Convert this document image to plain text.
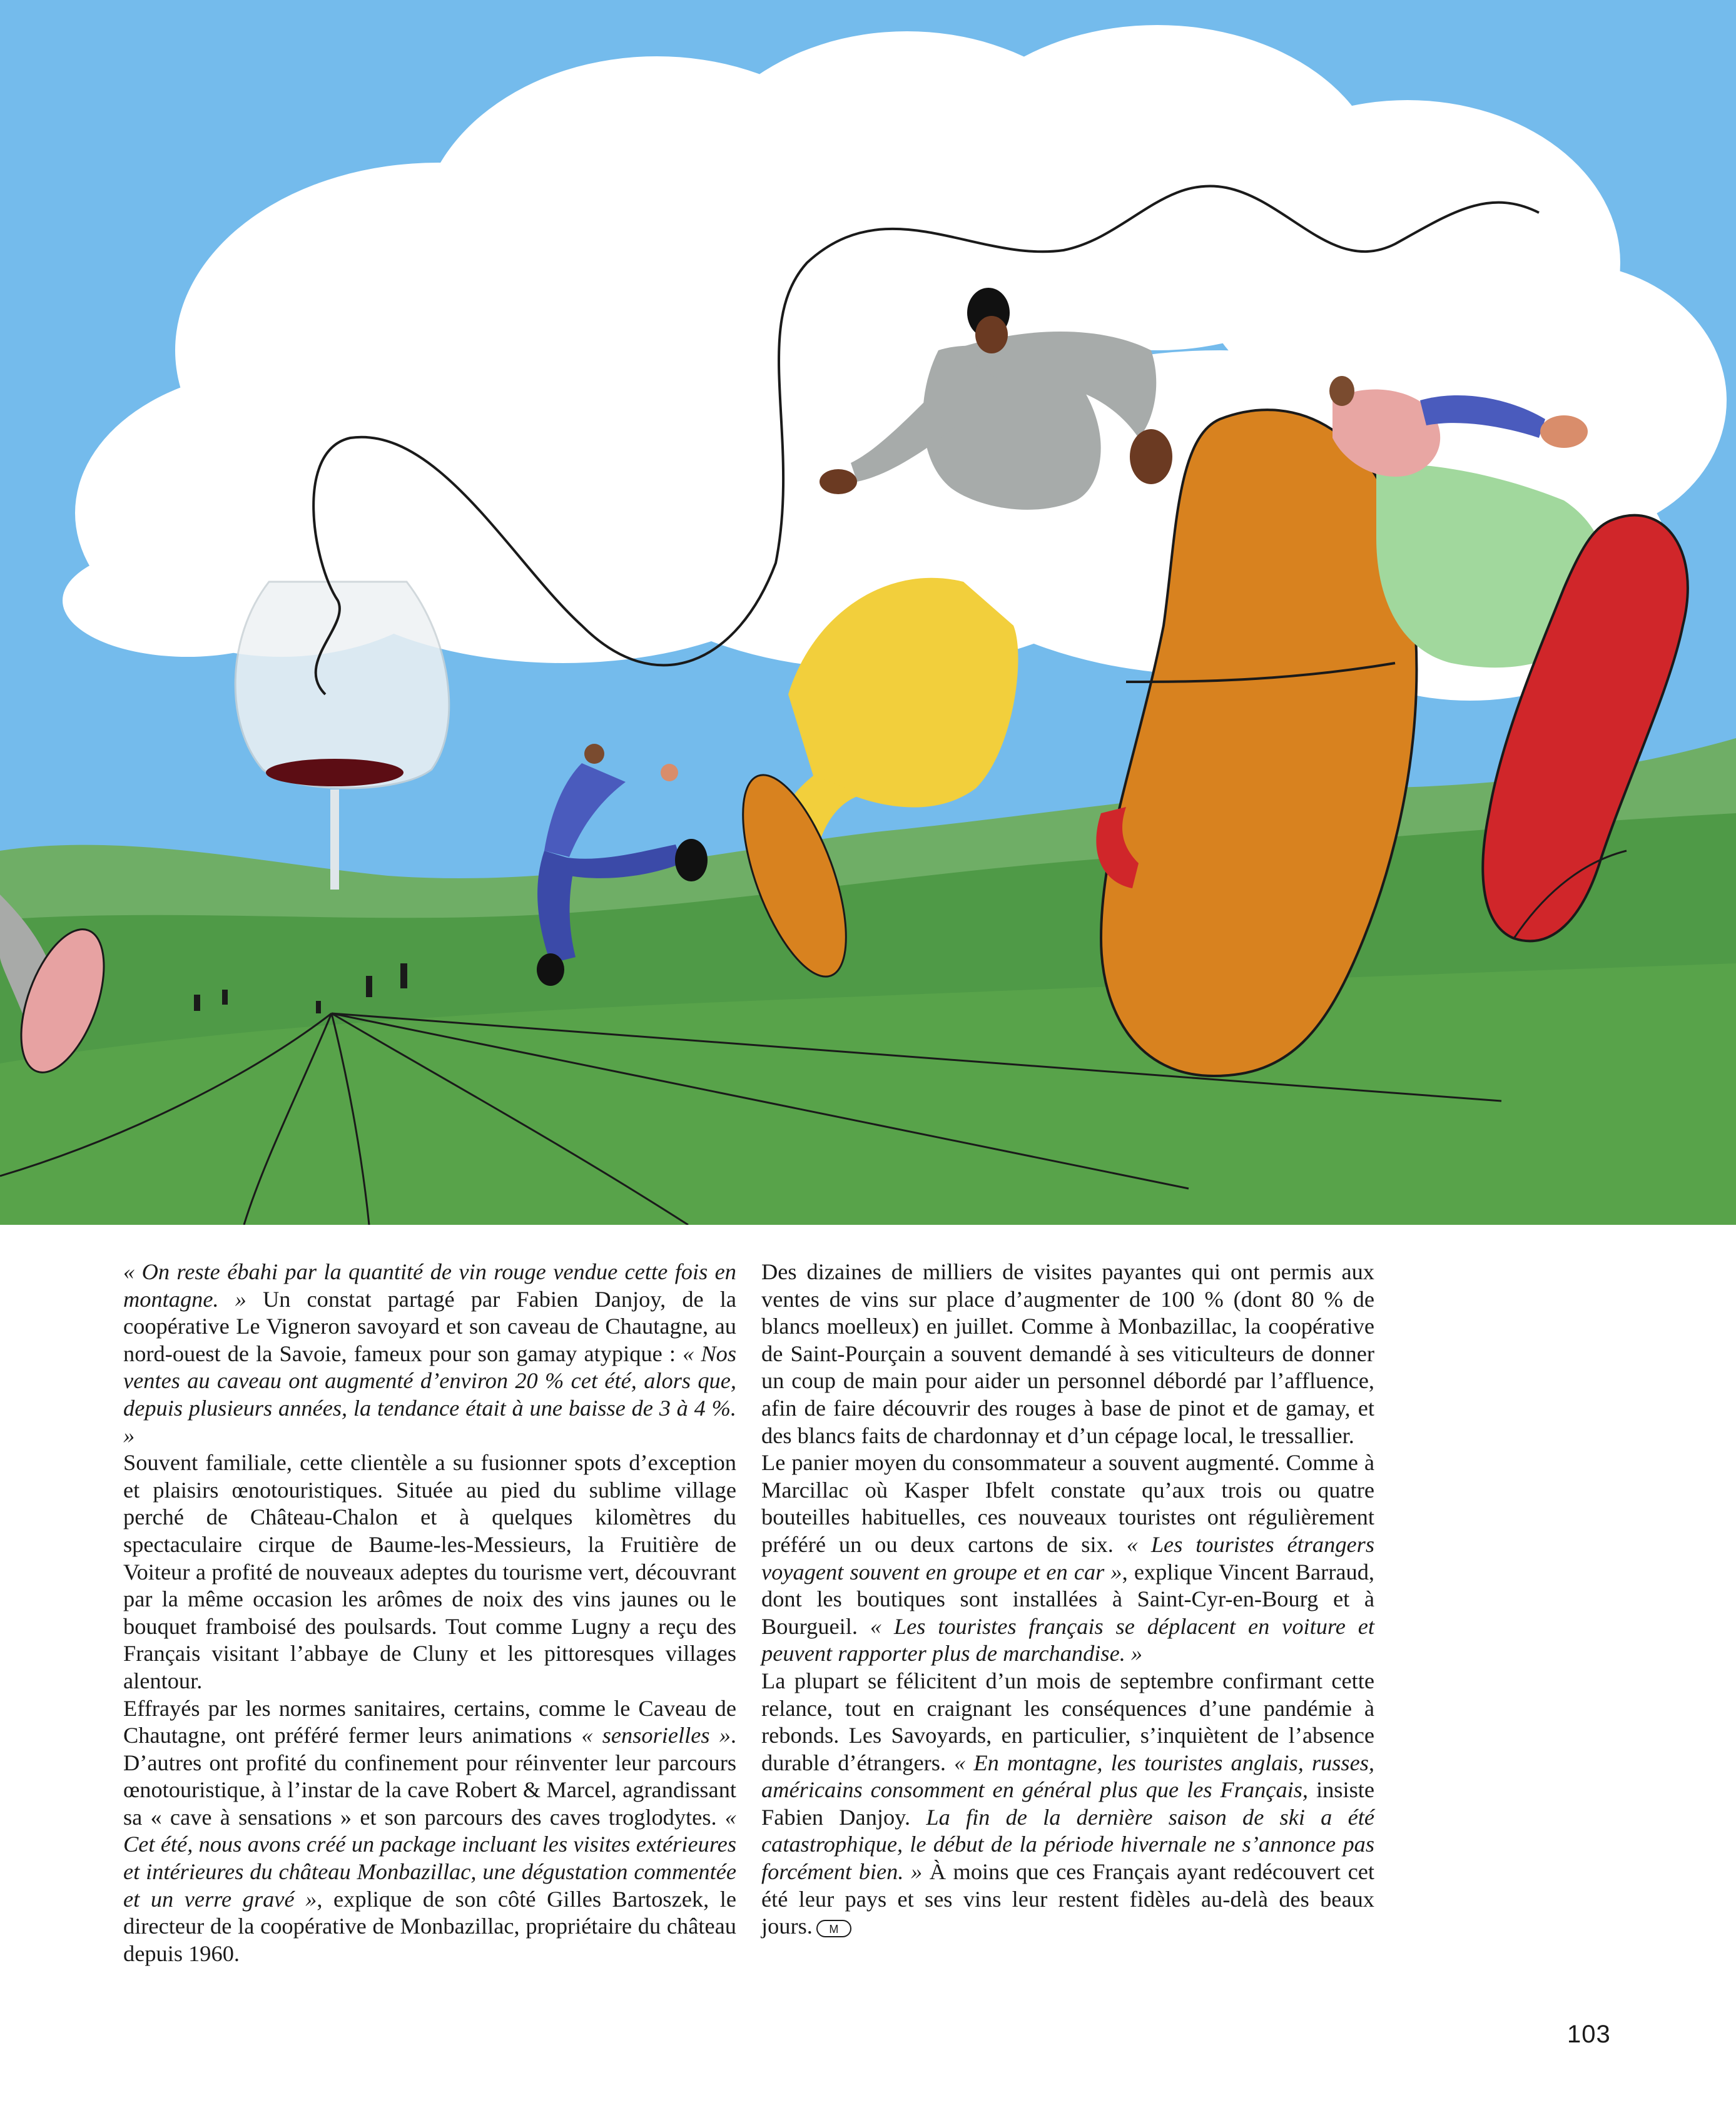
« On reste ébahi par la quantité de vin rouge vendue cette fois en montagne. » Un constat partagé par Fabien Danjoy, de la coopérative Le Vigneron savoyard et son caveau de Chautagne, au nord-ouest de la Savoie, fameux pour son gamay atypique : « Nos ventes au caveau ont augmenté d’environ 20 % cet été, alors que, depuis plusieurs années, la tendance était à une baisse de 3 à 4 %. »

Souvent familiale, cette clientèle a su fusionner spots d’exception et plaisirs œnotouristiques. Située au pied du sublime village perché de Château-Chalon et à quelques kilomètres du spectaculaire cirque de Baume-les-Messieurs, la Fruitière de Voiteur a profité de nouveaux adeptes du tourisme vert, découvrant par la même occasion les arômes de noix des vins jaunes ou le bouquet framboisé des poulsards. Tout comme Lugny a reçu des Français visitant l’abbaye de Cluny et les pittoresques villages alentour.

Effrayés par les normes sanitaires, certains, comme le Caveau de Chautagne, ont préféré fermer leurs animations « sensorielles ». D’autres ont profité du confinement pour réinventer leur parcours œnotouristique, à l’instar de la cave Robert & Marcel, agrandissant sa « cave à sensations » et son parcours des caves troglodytes. « Cet été, nous avons créé un package incluant les visites extérieures et intérieures du château Monbazillac, une dégustation commentée et un verre gravé », explique de son côté Gilles Bartoszek, le directeur de la coopérative de Monbazillac, propriétaire du château depuis 1960.

Des dizaines de milliers de visites payantes qui ont permis aux ventes de vins sur place d’augmenter de 100 % (dont 80 % de blancs moelleux) en juillet. Comme à Monbazillac, la coopérative de Saint-Pourçain a souvent demandé à ses viticulteurs de donner un coup de main pour aider un personnel débordé par l’affluence, afin de faire découvrir des rouges à base de pinot et de gamay, et des blancs faits de chardonnay et d’un cépage local, le tressallier.

Le panier moyen du consommateur a souvent augmenté. Comme à Marcillac où Kasper Ibfelt constate qu’aux trois ou quatre bouteilles habituelles, ces nouveaux touristes ont régulièrement préféré un ou deux cartons de six. « Les touristes étrangers voyagent souvent en groupe et en car », explique Vincent Barraud, dont les boutiques sont installées à Saint-Cyr-en-Bourg et à Bourgueil. « Les touristes français se déplacent en voiture et peuvent rapporter plus de marchandise. »

La plupart se félicitent d’un mois de septembre confirmant cette relance, tout en craignant les conséquences d’une pandémie à rebonds. Les Savoyards, en particulier, s’inquiètent de l’absence durable d’étrangers. « En montagne, les touristes anglais, russes, américains consomment en général plus que les Français, insiste Fabien Danjoy. La fin de la dernière saison de ski a été catastrophique, le début de la période hivernale ne s’annonce pas forcément bien. » À moins que ces Français ayant redécouvert cet été leur pays et ses vins leur restent fidèles au-delà des beaux jours. M

103
